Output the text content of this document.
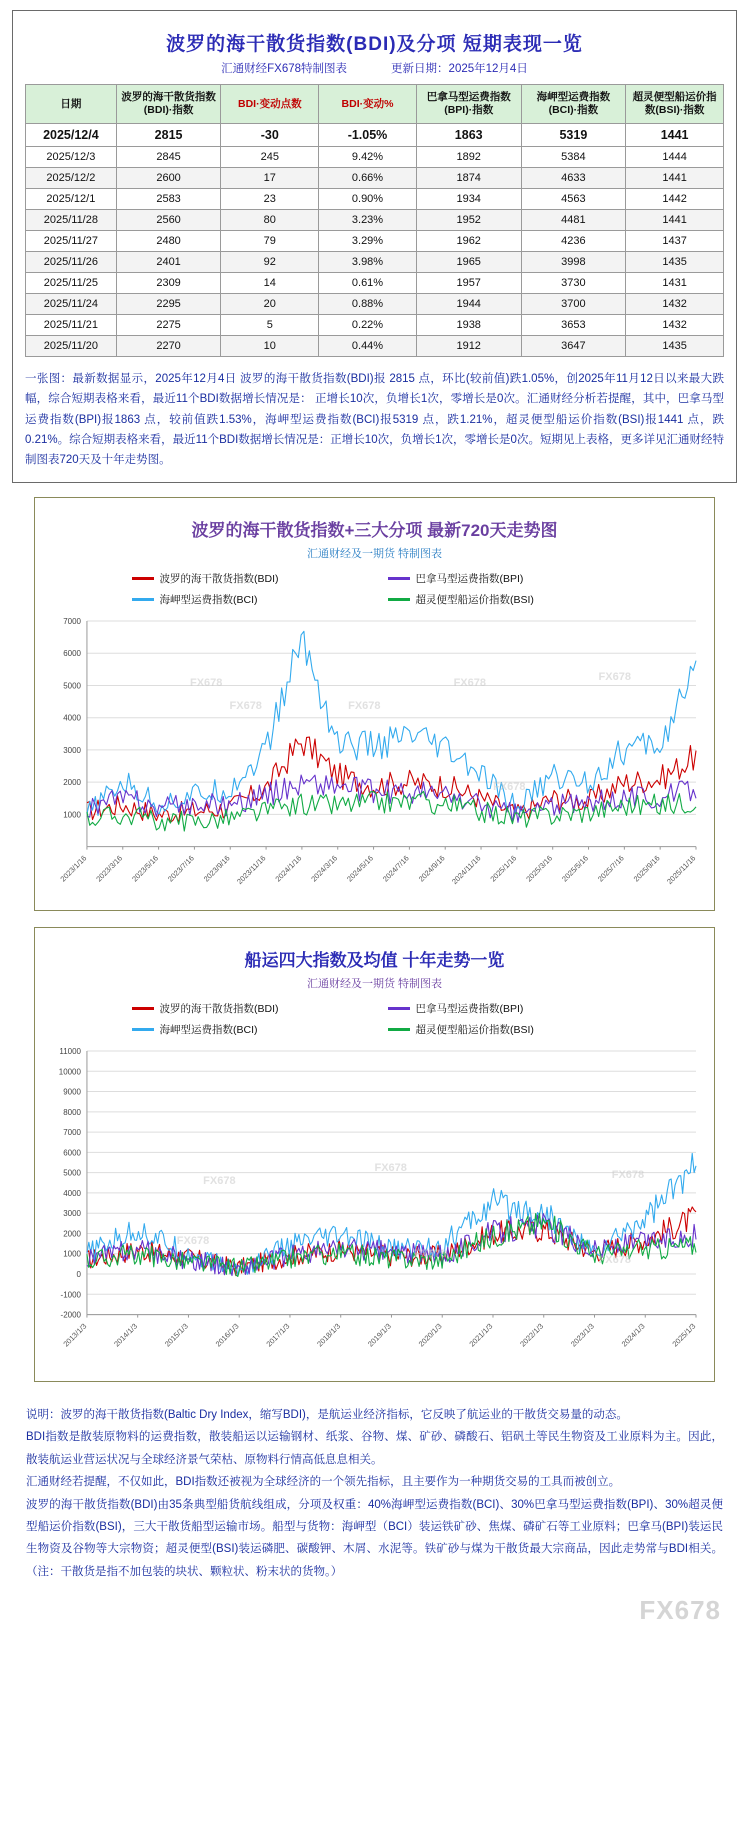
波罗的海干散货指数(BDI)及分项 短期表现一览
汇通财经FX678特制图表	更新日期：2025年12月4日
日期	波罗的海干散货指数(BDI)·指数	BDI·变动点数	BDI·变动%	巴拿马型运费指数(BPI)·指数	海岬型运费指数(BCI)·指数	超灵便型船运价指数(BSI)·指数
2025/12/4	2815	-30	-1.05%	1863	5319	1441
2025/12/3	2845	245	9.42%	1892	5384	1444
2025/12/2	2600	17	0.66%	1874	4633	1441
2025/12/1	2583	23	0.90%	1934	4563	1442
2025/11/28	2560	80	3.23%	1952	4481	1441
2025/11/27	2480	79	3.29%	1962	4236	1437
2025/11/26	2401	92	3.98%	1965	3998	1435
2025/11/25	2309	14	0.61%	1957	3730	1431
2025/11/24	2295	20	0.88%	1944	3700	1432
2025/11/21	2275	5	0.22%	1938	3653	1432
2025/11/20	2270	10	0.44%	1912	3647	1435
一张图：最新数据显示，2025年12月4日 波罗的海干散货指数(BDI)报 2815 点，环比(较前值)跌1.05%，创2025年11月12日以来最大跌幅，综合短期表格来看，最近11个BDI数据增长情况是： 正增长10次，负增长1次，零增长是0次。汇通财经分析若提醒，其中，巴拿马型运费指数(BPI)报1863 点，较前值跌1.53%，海岬型运费指数(BCI)报5319 点，跌1.21%，超灵便型船运价指数(BSI)报1441 点，跌0.21%。综合短期表格来看，最近11个BDI数据增长情况是：正增长10次，负增长1次，零增长是0次。短期见上表格，更多详见汇通财经特制图表720天及十年走势图。
波罗的海干散货指数+三大分项 最新720天走势图
汇通财经及一期货 特制图表
波罗的海干散货指数(BDI)	巴拿马型运费指数(BPI)
海岬型运费指数(BCI)	超灵便型船运价指数(BSI)
1000
2000
3000
4000
5000
6000
7000
2023/1/16 2023/3/16 2023/5/16 2023/7/16 2023/9/16 2023/11/16 2024/1/16 2024/3/16 2024/5/16 2024/7/16 2024/9/16 2024/11/16 2025/1/16 2025/3/16 2025/5/16 2025/7/16 2025/9/16 2025/11/16
FX678
FX678
FX678	FX678
FX678
FX678
船运四大指数及均值 十年走势一览
汇通财经及一期货 特制图表
波罗的海干散货指数(BDI)	巴拿马型运费指数(BPI)
海岬型运费指数(BCI)	超灵便型船运价指数(BSI)
-2000
-1000
0
1000
2000
3000
4000
5000
6000
7000
8000
9000
10000
11000
2013/1/3	2014/1/3	2015/1/3	2016/1/3	2017/1/3	2018/1/3	2019/1/3	2020/1/3	2021/1/3	2022/1/3	2023/1/3	2024/1/3	2025/1/3
FX678
FX678
FX678
FX678
FX678
FX678

说明：波罗的海干散货指数(Baltic Dry Index，缩写BDI)，是航运业经济指标，它反映了航运业的干散货交易量的动态。

BDI指数是散装原物料的运费指数，散装船运以运输钢材、纸浆、谷物、煤、矿砂、磷酸石、铝矾土等民生物资及工业原料为主。因此，散装航运业营运状况与全球经济景气荣枯、原物料行情高低息息相关。

汇通财经若提醒，不仅如此，BDI指数还被视为全球经济的一个领先指标，且主要作为一种期货交易的工具而被创立。

波罗的海干散货指数(BDI)由35条典型船货航线组成，分项及权重：40%海岬型运费指数(BCI)、30%巴拿马型运费指数(BPI)、30%超灵便型船运价指数(BSI)，三大干散货船型运输市场。船型与货物：海岬型（BCI）装运铁矿砂、焦煤、磷矿石等工业原料；巴拿马(BPI)装运民生物资及谷物等大宗物资；超灵便型(BSI)装运磷肥、碳酸钾、木屑、水泥等。铁矿砂与煤为干散货最大宗商品，因此走势常与BDI相关。（注：干散货是指不加包装的块状、颗粒状、粉末状的货物。）

FX678
